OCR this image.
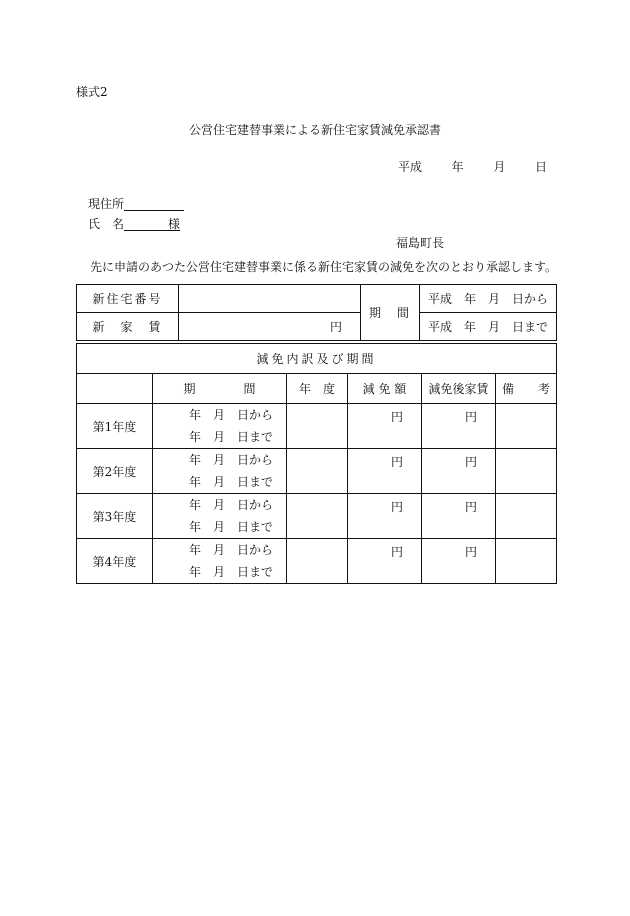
様式2
公営住宅建替事業による新住宅家賃減免承認書
平成 年 月 日
現住所
氏　名	様
福島町長
先に申請のあつた公営住宅建替事業に係る新住宅家賃の減免を次のとおり承認します。
新住宅番号		期　間	平成　年　月　日から
新　家　賃	円		平成　年　月　日まで
減免内訳及び期間					
	期　　　　間	年　度	減 免 額	減免後家賃	備　　考
第1年度	年　月　日から
年　月　日まで		円	円	
第2年度	年　月　日から
年　月　日まで		円	円	
第3年度	年　月　日から
年　月　日まで		円	円	
第4年度	年　月　日から
年　月　日まで		円	円	
